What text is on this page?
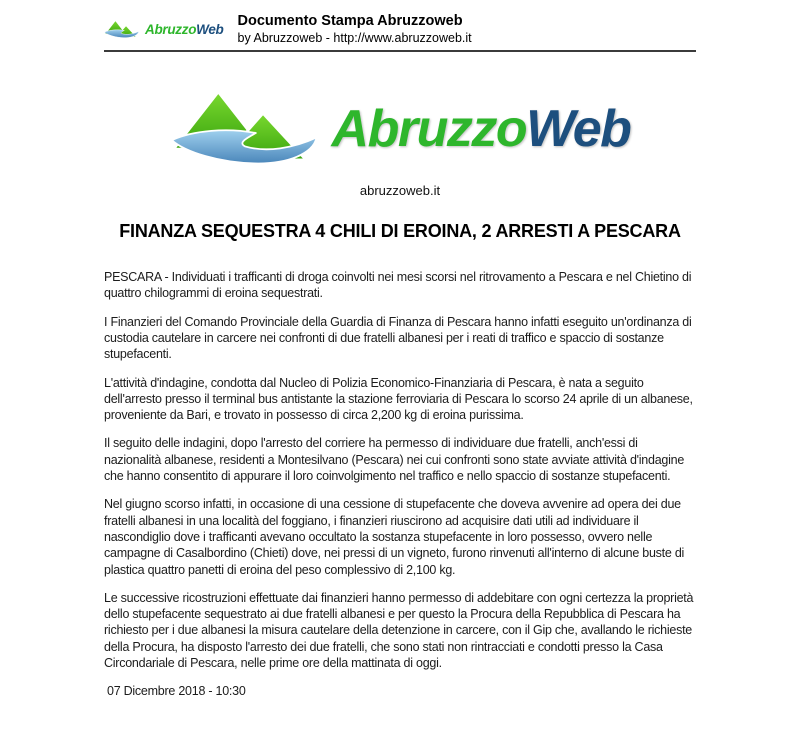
AbruzzoWeb
Documento Stampa Abruzzoweb
by Abruzzoweb - http://www.abruzzoweb.it
AbruzzoWeb
abruzzoweb.it
FINANZA SEQUESTRA 4 CHILI DI EROINA, 2 ARRESTI A PESCARA

PESCARA - Individuati i trafficanti di droga coinvolti nei mesi scorsi nel ritrovamento a Pescara e nel Chietino di quattro chilogrammi di eroina sequestrati.

I Finanzieri del Comando Provinciale della Guardia di Finanza di Pescara hanno infatti eseguito un'ordinanza di custodia cautelare in carcere nei confronti di due fratelli albanesi per i reati di traffico e spaccio di sostanze stupefacenti.

L'attività d'indagine, condotta dal Nucleo di Polizia Economico-Finanziaria di Pescara, è nata a seguito dell'arresto presso il terminal bus antistante la stazione ferroviaria di Pescara lo scorso 24 aprile di un albanese, proveniente da Bari, e trovato in possesso di circa 2,200 kg di eroina purissima.

Il seguito delle indagini, dopo l'arresto del corriere ha permesso di individuare due fratelli, anch'essi di nazionalità albanese, residenti a Montesilvano (Pescara) nei cui confronti sono state avviate attività d'indagine che hanno consentito di appurare il loro coinvolgimento nel traffico e nello spaccio di sostanze stupefacenti.

Nel giugno scorso infatti, in occasione di una cessione di stupefacente che doveva avvenire ad opera dei due fratelli albanesi in una località del foggiano, i finanzieri riuscirono ad acquisire dati utili ad individuare il nascondiglio dove i trafficanti avevano occultato la sostanza stupefacente in loro possesso, ovvero nelle campagne di Casalbordino (Chieti) dove, nei pressi di un vigneto, furono rinvenuti all'interno di alcune buste di plastica quattro panetti di eroina del peso complessivo di 2,100 kg.

Le successive ricostruzioni effettuate dai finanzieri hanno permesso di addebitare con ogni certezza la proprietà dello stupefacente sequestrato ai due fratelli albanesi e per questo la Procura della Repubblica di Pescara ha richiesto per i due albanesi la misura cautelare della detenzione in carcere, con il Gip che, avallando le richieste della Procura, ha disposto l'arresto dei due fratelli, che sono stati non rintracciati e condotti presso la Casa Circondariale di Pescara, nelle prime ore della mattinata di oggi.

07 Dicembre 2018 - 10:30
